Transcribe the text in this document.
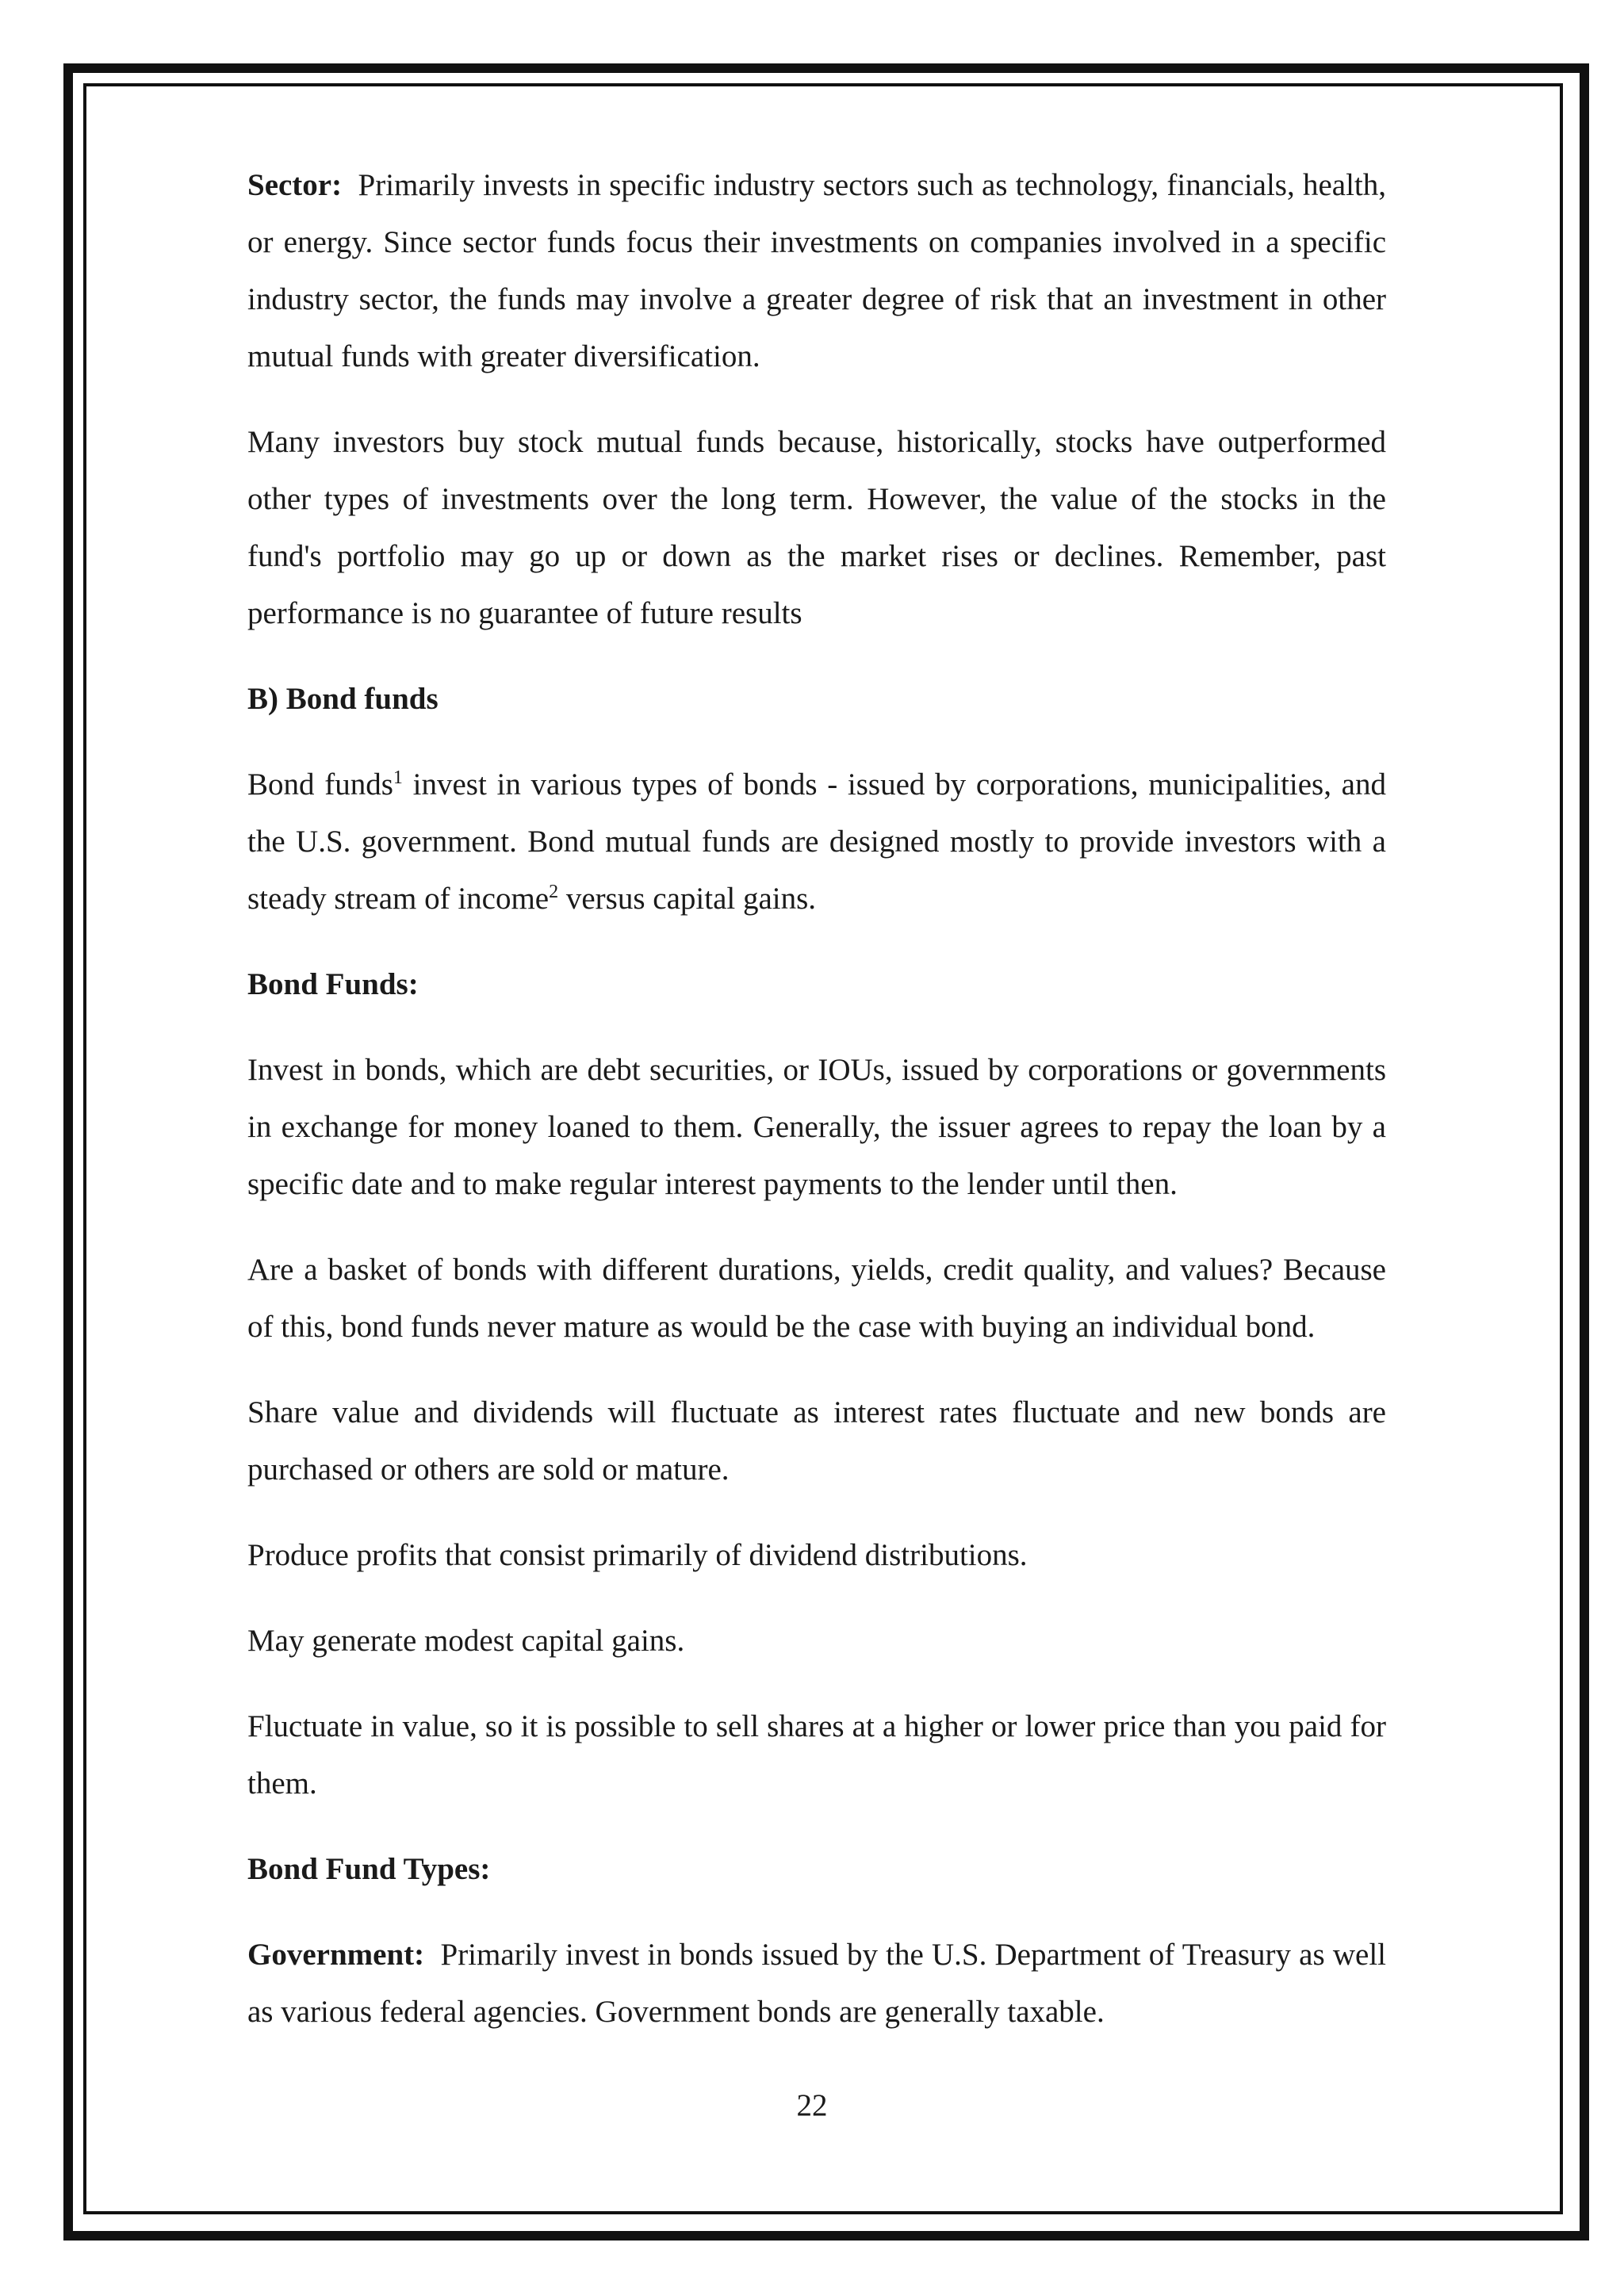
Sector: Primarily invests in specific industry sectors such as technology, financials, health, or energy. Since sector funds focus their investments on companies involved in a specific industry sector, the funds may involve a greater degree of risk that an investment in other mutual funds with greater diversification.

Many investors buy stock mutual funds because, historically, stocks have outperformed other types of investments over the long term. However, the value of the stocks in the fund's portfolio may go up or down as the market rises or declines. Remember, past performance is no guarantee of future results

B) Bond funds

Bond funds$^1$ invest in various types of bonds - issued by corporations, municipalities, and the U.S. government. Bond mutual funds are designed mostly to provide investors with a steady stream of income$^2$ versus capital gains.

Bond Funds:

Invest in bonds, which are debt securities, or IOUs, issued by corporations or governments in exchange for money loaned to them. Generally, the issuer agrees to repay the loan by a specific date and to make regular interest payments to the lender until then.

Are a basket of bonds with different durations, yields, credit quality, and values? Because of this, bond funds never mature as would be the case with buying an individual bond.

Share value and dividends will fluctuate as interest rates fluctuate and new bonds are purchased or others are sold or mature.

Produce profits that consist primarily of dividend distributions.

May generate modest capital gains.

Fluctuate in value, so it is possible to sell shares at a higher or lower price than you paid for them.

Bond Fund Types:

Government: Primarily invest in bonds issued by the U.S. Department of Treasury as well as various federal agencies. Government bonds are generally taxable.

22
